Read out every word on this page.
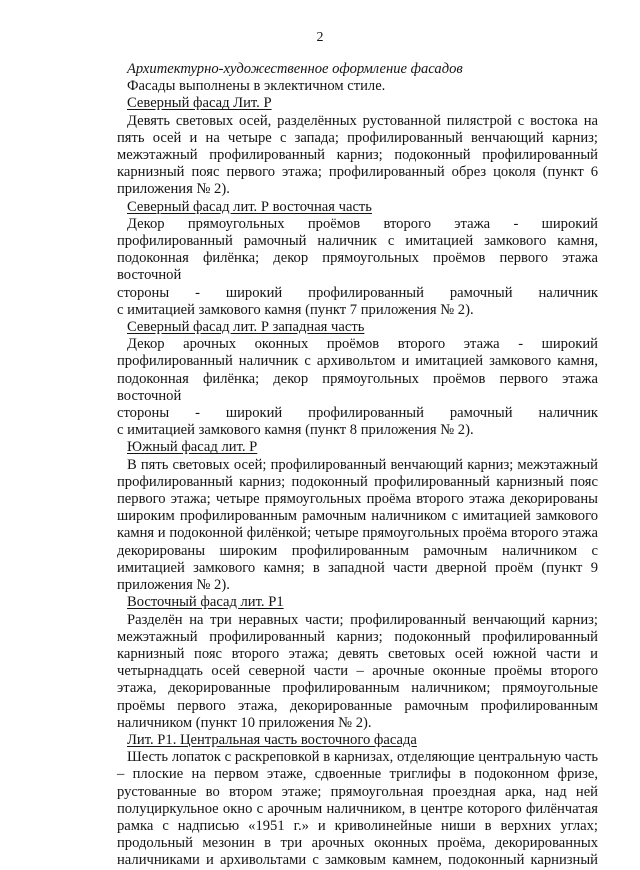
2

Архитектурно-художественное оформление фасадов

Фасады выполнены в эклектичном стиле.

Северный фасад Лит. Р

Девять световых осей, разделённых рустованной пилястрой с востока на пять осей и на четыре с запада; профилированный венчающий карниз; межэтажный профилированный карниз; подоконный профилированный карнизный пояс первого этажа; профилированный обрез цоколя (пункт 6 приложения № 2).

Северный фасад лит. Р восточная часть

Декор прямоугольных проёмов второго этажа - широкий профилированный рамочный наличник с имитацией замкового камня, подоконная филёнка; декор прямоугольных проёмов первого этажа восточной

стороны - широкий профилированный рамочный наличник

с имитацией замкового камня (пункт 7 приложения № 2).

Северный фасад лит. Р западная часть

Декор арочных оконных проёмов второго этажа - широкий профилированный наличник с архивольтом и имитацией замкового камня, подоконная филёнка; декор прямоугольных проёмов первого этажа восточной

стороны - широкий профилированный рамочный наличник

с имитацией замкового камня (пункт 8 приложения № 2).

Южный фасад лит. Р

В пять световых осей; профилированный венчающий карниз; межэтажный профилированный карниз; подоконный профилированный карнизный пояс первого этажа; четыре прямоугольных проёма второго этажа декорированы широким профилированным рамочным наличником с имитацией замкового камня и подоконной филёнкой; четыре прямоугольных проёма второго этажа декорированы широким профилированным рамочным наличником с имитацией замкового камня; в западной части дверной проём (пункт 9 приложения № 2).

Восточный фасад лит. Р1

Разделён на три неравных части; профилированный венчающий карниз; межэтажный профилированный карниз; подоконный профилированный карнизный пояс второго этажа; девять световых осей южной части и четырнадцать осей северной части – арочные оконные проёмы второго этажа, декорированные профилированным наличником; прямоугольные проёмы первого этажа, декорированные рамочным профилированным наличником (пункт 10 приложения № 2).

Лит. Р1. Центральная часть восточного фасада

Шесть лопаток с раскреповкой в карнизах, отделяющие центральную часть – плоские на первом этаже, сдвоенные триглифы в подоконном фризе, рустованные во втором этаже; прямоугольная проездная арка, над ней полуциркульное окно с арочным наличником, в центре которого филёнчатая рамка с надписью «1951 г.» и криволинейные ниши в верхних углах; продольный мезонин в три арочных оконных проёма, декорированных наличниками и архивольтами с замковым камнем, подоконный карнизный
